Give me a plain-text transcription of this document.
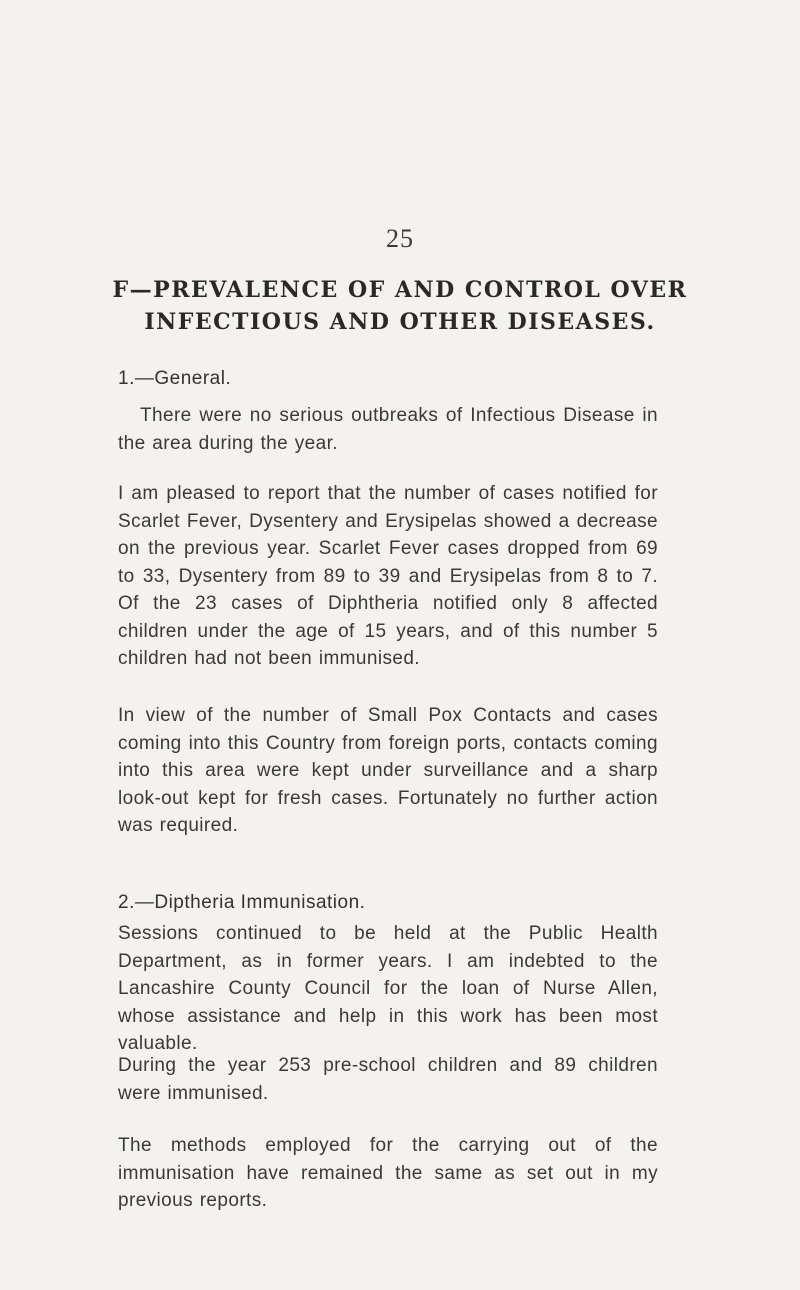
25
F—PREVALENCE OF AND CONTROL OVER
INFECTIOUS AND OTHER DISEASES.
1.—General.
There were no serious outbreaks of Infectious Disease in the area during the year.
I am pleased to report that the number of cases notified for Scarlet Fever, Dysentery and Erysipelas showed a decrease on the previous year. Scarlet Fever cases dropped from 69 to 33, Dysentery from 89 to 39 and Erysipelas from 8 to 7. Of the 23 cases of Diphtheria notified only 8 affected children under the age of 15 years, and of this number 5 children had not been immunised.
In view of the number of Small Pox Contacts and cases coming into this Country from foreign ports, contacts coming into this area were kept under surveillance and a sharp look-out kept for fresh cases. Fortunately no further action was required.
2.—Diptheria Immunisation.
Sessions continued to be held at the Public Health Department, as in former years. I am indebted to the Lancashire County Council for the loan of Nurse Allen, whose assistance and help in this work has been most valuable.
During the year 253 pre-school children and 89 children were immunised.
The methods employed for the carrying out of the immunisation have remained the same as set out in my previous reports.
